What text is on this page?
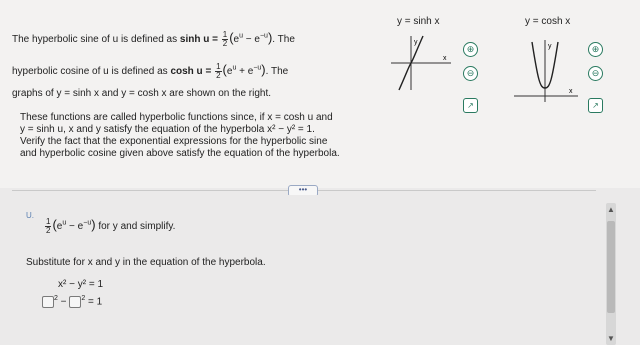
The hyperbolic sine of u is defined as $\sinh u = \frac{1}{2} (e^u - e^{-u})$. The
hyperbolic cosine of u is defined as $\cosh u = \frac{1}{2} (e^u + e^{-u})$. The
graphs of y = sinh x and y = cosh x are shown on the right.
These functions are called hyperbolic functions since, if x = cosh u and
y = sinh u, x and y satisfy the equation of the hyperbola x² − y² = 1.
Verify the fact that the exponential expressions for the hyperbolic sine
and hyperbolic cosine given above satisfy the equation of the hyperbola.
y = sinh x
y
x
⊕
⊖
↗
y = cosh x
y
x
⊕
⊖
↗
•••
U.
$\frac{1}{2} (e^u - e^{-u})$ for y and simplify.
Substitute for x and y in the equation of the hyperbola.
x² − y² = 1
$^2$ − $^2$ = 1
▲
▼
